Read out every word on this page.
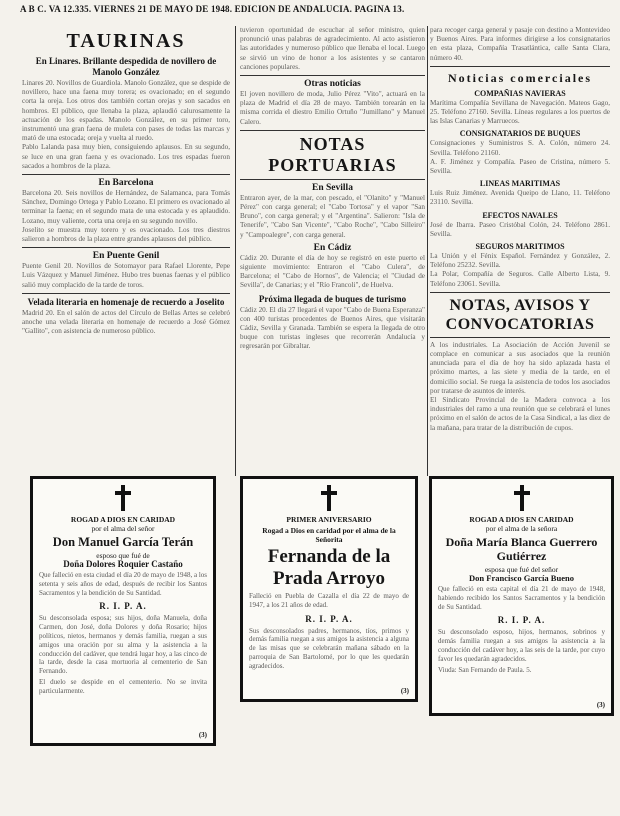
A B C. VA 12.335. VIERNES 21 DE MAYO DE 1948. EDICION DE ANDALUCIA. PAGINA 13.
TAURINAS
En Linares. Brillante despedida de novillero de Manolo González
Linares 20. Novillos de Guardiola. Manolo González, que se despide de novillero, hace una faena muy torera; es ovacionado; en el segundo corta la oreja. Los otros dos también cortan orejas y son sacados en hombros. El público, que llenaba la plaza, aplaudió calurosamente la actuación de los espadas. Manolo González, en su primer toro, instrumentó una gran faena de muleta con pases de todas las marcas y mató de una estocada; oreja y vuelta al ruedo.
Pablo Lalanda pasa muy bien, consiguiendo aplausos. En su segundo, se luce en una gran faena y es ovacionado. Los tres espadas fueron sacados a hombros de la plaza.
En Barcelona
Barcelona 20. Seis novillos de Hernández, de Salamanca, para Tomás Sánchez, Domingo Ortega y Pablo Lozano. El primero es ovacionado al terminar la faena; en el segundo mata de una estocada y es aplaudido. Lozano, muy valiente, corta una oreja en su segundo novillo.
Joselito se muestra muy torero y es ovacionado. Los tres diestros salieron a hombros de la plaza entre grandes aplausos del público.
En Puente Genil
Puente Genil 20. Novillos de Sotomayor para Rafael Llorente, Pepe Luis Vázquez y Manuel Jiménez. Hubo tres buenas faenas y el público salió muy complacido de la tarde de toros.
Velada literaria en homenaje de recuerdo a Joselito
Madrid 20. En el salón de actos del Círculo de Bellas Artes se celebró anoche una velada literaria en homenaje de recuerdo a José Gómez "Gallito", con asistencia de numeroso público.
tuvieron oportunidad de escuchar al señor ministro, quien pronunció unas palabras de agradecimiento. Al acto asistieron las autoridades y numeroso público que llenaba el local. Luego se sirvió un vino de honor a los asistentes y se cantaron canciones populares.
Otras noticias
El joven novillero de moda, Julio Pérez "Vito", actuará en la plaza de Madrid el día 28 de mayo. También torearán en la misma corrida el diestro Emilio Ortuño "Jumillano" y Manuel Calero.
NOTAS PORTUARIAS
En Sevilla
Entraron ayer, de la mar, con pescado, el "Olanito" y "Manuel Pérez" con carga general; el "Cabo Tortosa" y el vapor "San Bruno", con carga general; y el "Argentina". Salieron: "Isla de Tenerife", "Cabo San Vicente", "Cabo Roche", "Cabo Silleiro" y "Campoalegre", con carga general.
En Cádiz
Cádiz 20. Durante el día de hoy se registró en este puerto el siguiente movimiento: Entraron el "Cabo Culera", de Barcelona; el "Cabo de Hornos", de Valencia; el "Ciudad de Sevilla", de Canarias; y el "Río Francoli", de Huelva.
Próxima llegada de buques de turismo
Cádiz 20. El día 27 llegará el vapor "Cabo de Buena Esperanza" con 400 turistas procedentes de Buenos Aires, que visitarán Cádiz, Sevilla y Granada. También se espera la llegada de otro buque con turistas ingleses que recorrerán Andalucía y regresarán por Gibraltar.
para recoger carga general y pasaje con destino a Montevideo y Buenos Aires. Para informes dirigirse a los consignatarios en esta plaza, Compañía Trasatlántica, calle Santa Clara, número 40.
Noticias comerciales
COMPAÑIAS NAVIERAS
Marítima Compañía Sevillana de Navegación. Mateos Gago, 25. Teléfono 27160. Sevilla. Líneas regulares a los puertos de las Islas Canarias y Marruecos.
CONSIGNATARIOS DE BUQUES
Consignaciones y Suministros S. A. Colón, número 24. Sevilla. Teléfono 21160.
A. F. Jiménez y Compañía. Paseo de Cristina, número 5. Sevilla.
LINEAS MARITIMAS
Luis Ruiz Jiménez. Avenida Queipo de Llano, 11. Teléfono 23110. Sevilla.
EFECTOS NAVALES
José de Ibarra. Paseo Cristóbal Colón, 24. Teléfono 2861. Sevilla.
SEGUROS MARITIMOS
La Unión y el Fénix Español. Fernández y González, 2. Teléfono 25232. Sevilla.
La Polar, Compañía de Seguros. Calle Alberto Lista, 9. Teléfono 23061. Sevilla.
NOTAS, AVISOS Y CONVOCATORIAS
A los industriales. La Asociación de Acción Juvenil se complace en comunicar a sus asociados que la reunión anunciada para el día de hoy ha sido aplazada hasta el próximo martes, a las siete y media de la tarde, en el domicilio social. Se ruega la asistencia de todos los asociados por tratarse de asuntos de interés.
El Sindicato Provincial de la Madera convoca a los industriales del ramo a una reunión que se celebrará el lunes próximo en el salón de actos de la Casa Sindical, a las diez de la mañana, para tratar de la distribución de cupos.
ROGAD A DIOS EN CARIDAD
por el alma del señor
Don Manuel García Terán
esposo que fué de
Doña Dolores Roquier Castaño
Que falleció en esta ciudad el día 20 de mayo de 1948, a los setenta y seis años de edad, después de recibir los Santos Sacramentos y la bendición de Su Santidad.
R. I. P. A.
Su desconsolada esposa; sus hijos, doña Manuela, doña Carmen, don José, doña Dolores y doña Rosario; hijos políticos, nietos, hermanos y demás familia, ruegan a sus amigos una oración por su alma y la asistencia a la conducción del cadáver, que tendrá lugar hoy, a las cinco de la tarde, desde la casa mortuoria al cementerio de San Fernando.
El duelo se despide en el cementerio. No se invita particularmente.
(3)
PRIMER ANIVERSARIO
Rogad a Dios en caridad por el alma de la Señorita
Fernanda de la Prada Arroyo
Falleció en Puebla de Cazalla el día 22 de mayo de 1947, a los 21 años de edad.
R. I. P. A.
Sus desconsolados padres, hermanos, tíos, primos y demás familia ruegan a sus amigos la asistencia a alguna de las misas que se celebrarán mañana sábado en la parroquia de San Bartolomé, por lo que les quedarán agradecidos.
(3)
ROGAD A DIOS EN CARIDAD
por el alma de la señora
Doña María Blanca Guerrero Gutiérrez
esposa que fué del señor
Don Francisco García Bueno
Que falleció en esta capital el día 21 de mayo de 1948, habiendo recibido los Santos Sacramentos y la bendición de Su Santidad.
R. I. P. A.
Su desconsolado esposo, hijos, hermanos, sobrinos y demás familia ruegan a sus amigos la asistencia a la conducción del cadáver hoy, a las seis de la tarde, por cuyo favor les quedarán agradecidos.
Viuda: San Fernando de Paula. 5.
(3)
